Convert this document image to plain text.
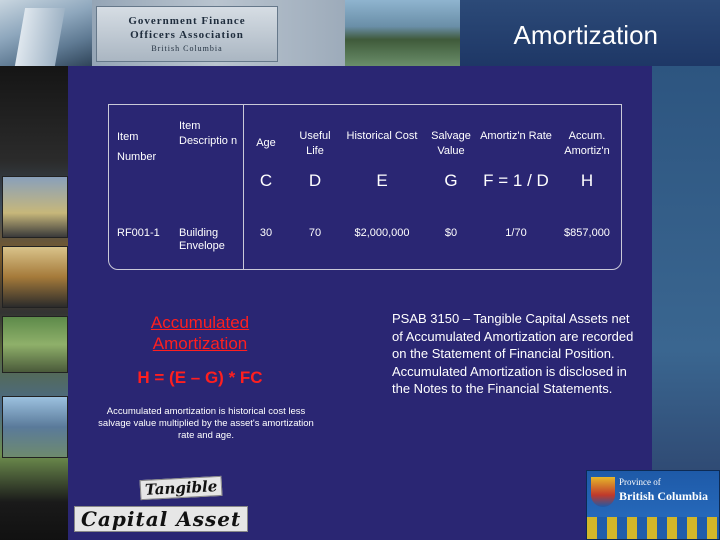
Government Finance
Officers Association
British Columbia	Amortization
Item Number
RF001-1
Item Descriptio n
Building Envelope
Age
C
30
Useful Life
D
70
Historical Cost
E
$2,000,000
Salvage Value
G
$0
Amortiz'n Rate
F = 1 / D
1/70
Accum. Amortiz'n
H
$857,000
Accumulated
Amortization
H = (E – G) * FC
Accumulated amortization is historical cost less salvage value multiplied by the asset's amortization rate and age.
PSAB 3150 – Tangible Capital Assets net of Accumulated Amortization are recorded on the Statement of Financial Position. Accumulated Amortization is disclosed in the Notes to the Financial Statements.
Tangible
Capital Asset
Province of
British Columbia
